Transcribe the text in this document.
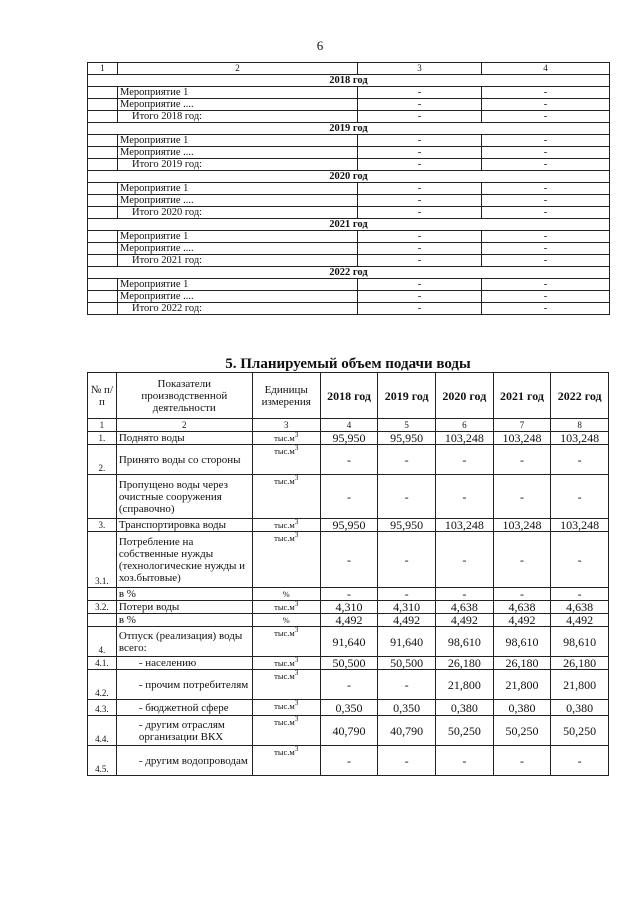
6
1	2	3	4
2018 год			
	Мероприятие 1	-	-
	Мероприятие ....	-	-
	Итого 2018 год:	-	-
2019 год			
	Мероприятие 1	-	-
	Мероприятие ....	-	-
	Итого 2019 год:	-	-
2020 год			
	Мероприятие 1	-	-
	Мероприятие ....	-	-
	Итого 2020 год:	-	-
2021 год			
	Мероприятие 1	-	-
	Мероприятие ....	-	-
	Итого 2021 год:	-	-
2022 год			
	Мероприятие 1	-	-
	Мероприятие ....	-	-
	Итого 2022 год:	-	-
5. Планируемый объем подачи воды
№ п/ п	Показатели производственной деятельности	Единицы измерения	2018 год	2019 год	2020 год	2021 год	2022 год
1	2	3	4	5	6	7	8
1.	Поднято воды	$тыс.м^3$	95,950	95,950	103,248	103,248	103,248
2.	Принято воды со стороны	$тыс.м^3$	-	-	-	-	-
	Пропущено воды через очистные сооружения (справочно)	$тыс.м^3$	-	-	-	-	-
3.	Транспортировка воды	$тыс.м^3$	95,950	95,950	103,248	103,248	103,248
3.1.	Потребление на собственные нужды (технологические нужды и хоз.бытовые)	$тыс.м^3$	-	-	-	-	-
	в %	%	-	-	-	-	-
3.2.	Потери воды	$тыс.м^3$	4,310	4,310	4,638	4,638	4,638
	в %	%	4,492	4,492	4,492	4,492	4,492
4.	Отпуск (реализация) воды всего:	$тыс.м^3$	91,640	91,640	98,610	98,610	98,610
4.1.	- населению	$тыс.м^3$	50,500	50,500	26,180	26,180	26,180
4.2.	- прочим потребителям	$тыс.м^3$	-	-	21,800	21,800	21,800
4.3.	- бюджетной сфере	$тыс.м^3$	0,350	0,350	0,380	0,380	0,380
4.4.	- другим отраслям организации ВКХ	$тыс.м^3$	40,790	40,790	50,250	50,250	50,250
4.5.	- другим водопроводам	$тыс.м^3$	-	-	-	-	-
